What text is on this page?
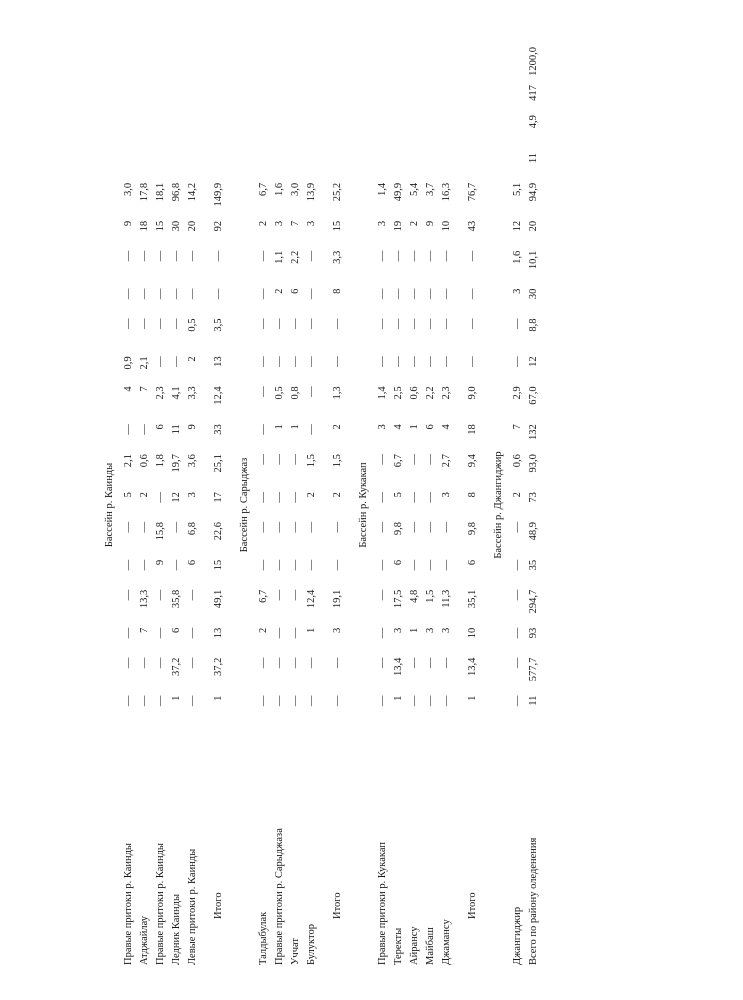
Бассейн р. Каинды																				
Правые притоки р. Каинды	—	—	—	—	—	—	5	2,1	—	4	0,9	—	—	—	9	3,0				
Атджайлау	—	—	7	13,3	—	—	2	0,6	—	7	2,1	—	—	—	18	17,8				
Правые притоки р. Каинды	—	—	—	—	9	15,8	—	1,8	6	2,3	—	—	—	—	15	18,1				
Ледник Каинды	1	37,2	6	35,8	—	—	12	19,7	11	4,1	—	—	—	—	30	96,8				
Левые притоки р. Каинды	—	—	—	—	6	6,8	3	3,6	9	3,3	2	0,5	—	—	20	14,2				

Итого	1	37,2	13	49,1	15	22,6	17	25,1	33	12,4	13	3,5	—	—	92	149,9				
Бассейн р. Сарыджаз																				
Талдыбулак	—	—	2	6,7	—	—	—	—	—	—	—	—	—	—	2	6,7				
Правые притоки р. Сарыджаза	—	—	—	—	—	—	—	—	1	0,5	—	—	2	1,1	3	1,6				
Уччат	—	—	—	—	—	—	—	—	1	0,8	—	—	6	2,2	7	3,0				
Булуктор	—	—	1	12,4	—	—	2	1,5	—	—	—	—	—	—	3	13,9				

Итого	—	—	3	19,1	—	—	2	1,5	2	1,3	—	—	8	3,3	15	25,2				
Бассейн р. Кукакап																				
Правые притоки р. Кукакап	—	—	—	—	—	—	—	—	3	1,4	—	—	—	—	3	1,4				
Теректы	1	13,4	3	17,5	6	9,8	5	6,7	4	2,5	—	—	—	—	19	49,9				
Айрансу	—	—	1	4,8	—	—	—	—	1	0,6	—	—	—	—	2	5,4				
Майбаш	—	—	3	1,5	—	—	—	—	6	2,2	—	—	—	—	9	3,7				
Джамансу	—	—	3	11,3	—	—	3	2,7	4	2,3	—	—	—	—	10	16,3				

Итого	1	13,4	10	35,1	6	9,8	8	9,4	18	9,0	—	—	—	—	43	76,7				
Бассейн р. Джангиджир																				
Джангиджир	—	—	—	—	—	—	2	0,6	7	2,9	—	—	3	1,6	12	5,1				
Всего по району оледенения	11	577,7	93	294,7	35	48,9	73	93,0	132	67,0	12	8,8	30	10,1	20	94,9	11	4,9	417	1200,0
